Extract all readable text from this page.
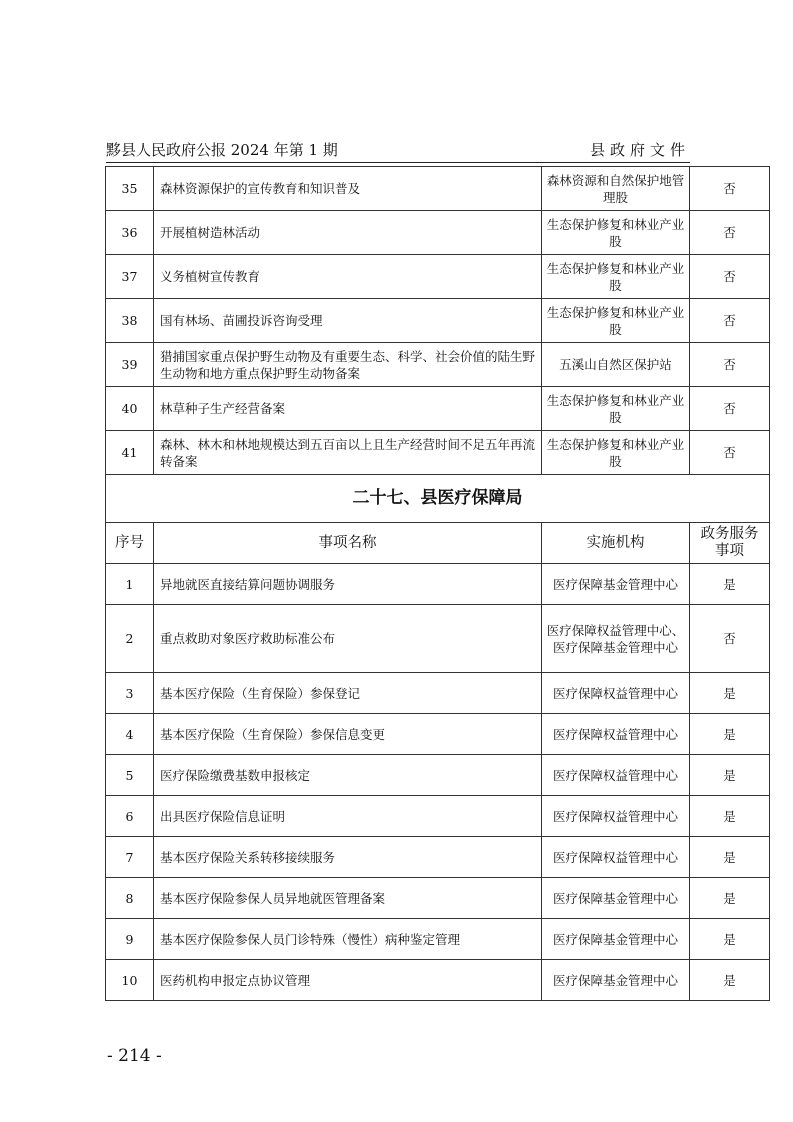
黟县人民政府公报 2024 年第 1 期	县政府文件
35	森林资源保护的宣传教育和知识普及	森林资源和自然保护地管理股	否
36	开展植树造林活动	生态保护修复和林业产业股	否
37	义务植树宣传教育	生态保护修复和林业产业股	否
38	国有林场、苗圃投诉咨询受理	生态保护修复和林业产业股	否
39	猎捕国家重点保护野生动物及有重要生态、科学、社会价值的陆生野生动物和地方重点保护野生动物备案	五溪山自然区保护站	否
40	林草种子生产经营备案	生态保护修复和林业产业股	否
41	森林、林木和林地规模达到五百亩以上且生产经营时间不足五年再流转备案	生态保护修复和林业产业股	否
二十七、县医疗保障局			
序号	事项名称	实施机构	政务服务事项
1	异地就医直接结算问题协调服务	医疗保障基金管理中心	是
2	重点救助对象医疗救助标准公布	医疗保障权益管理中心、医疗保障基金管理中心	否
3	基本医疗保险（生育保险）参保登记	医疗保障权益管理中心	是
4	基本医疗保险（生育保险）参保信息变更	医疗保障权益管理中心	是
5	医疗保险缴费基数申报核定	医疗保障权益管理中心	是
6	出具医疗保险信息证明	医疗保障权益管理中心	是
7	基本医疗保险关系转移接续服务	医疗保障权益管理中心	是
8	基本医疗保险参保人员异地就医管理备案	医疗保障基金管理中心	是
9	基本医疗保险参保人员门诊特殊（慢性）病种鉴定管理	医疗保障基金管理中心	是
10	医药机构申报定点协议管理	医疗保障基金管理中心	是
- 214 -
